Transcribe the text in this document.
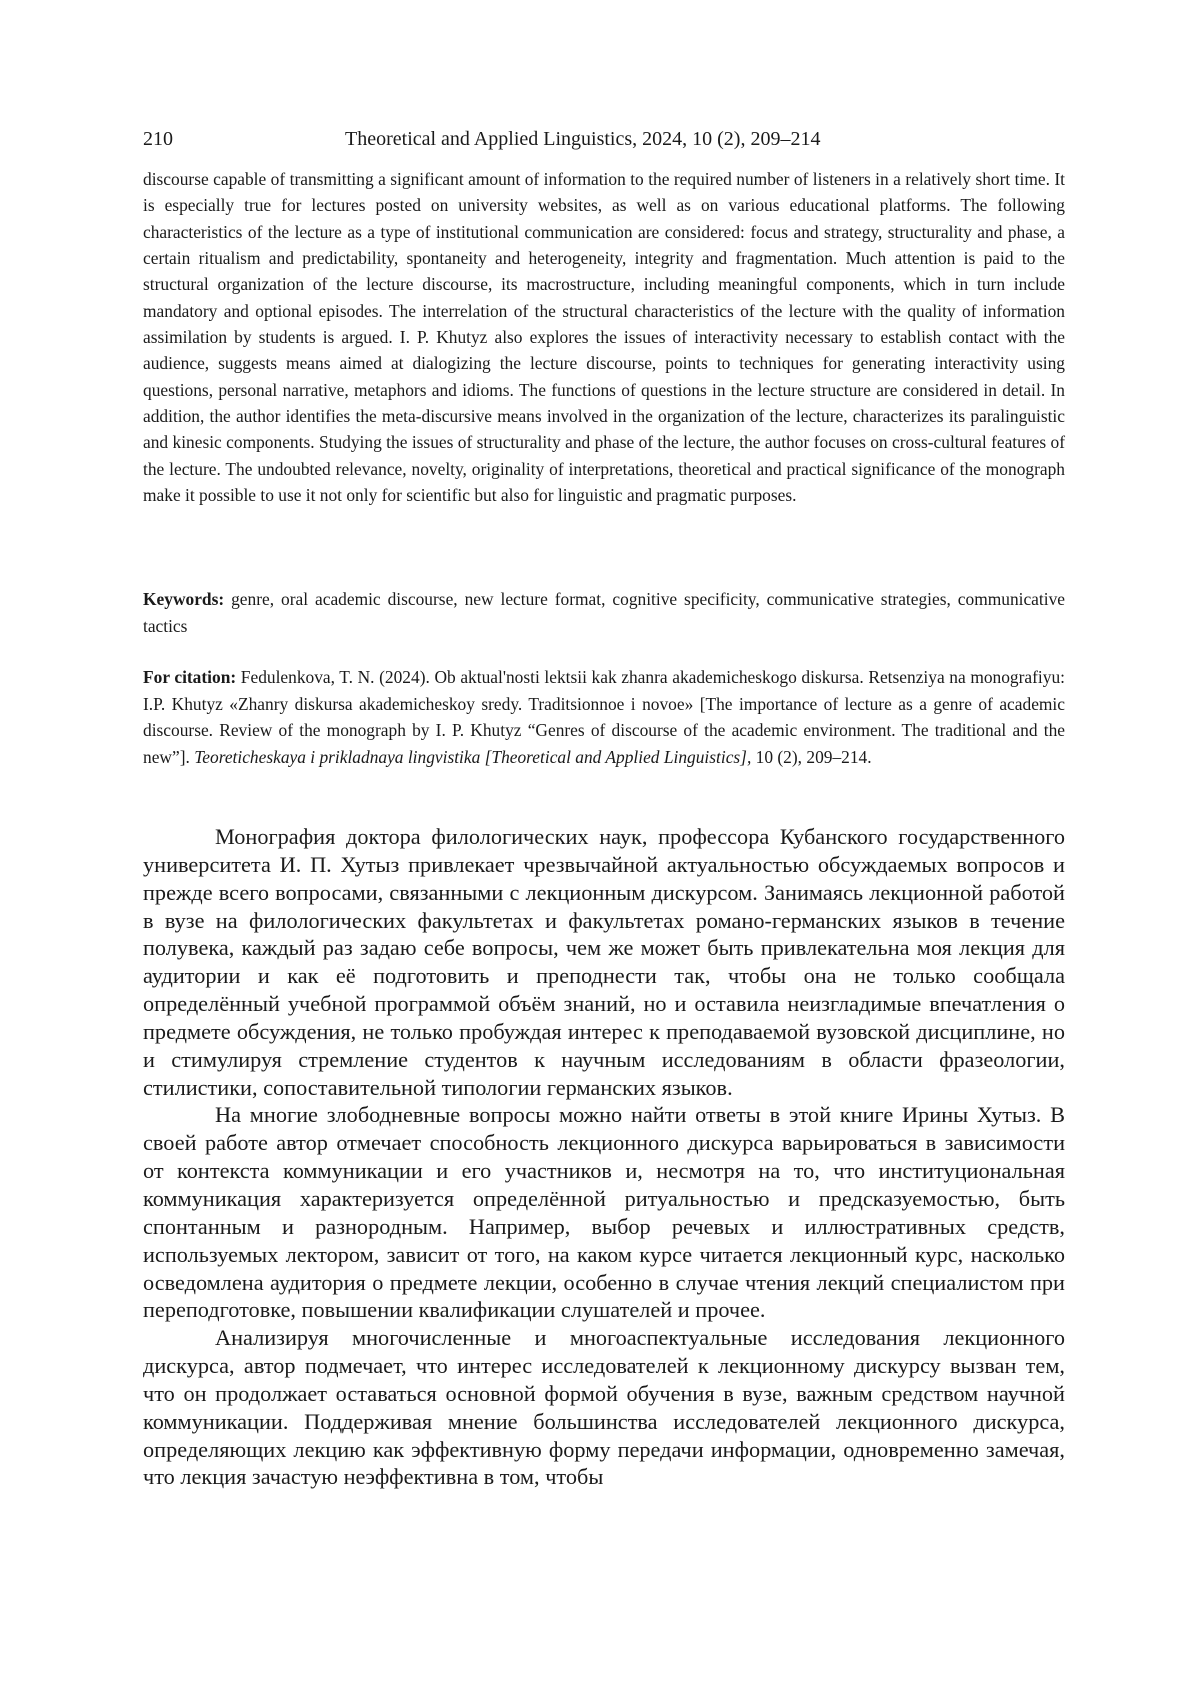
210	Theoretical and Applied Linguistics, 2024, 10 (2), 209–214

discourse capable of transmitting a significant amount of information to the required number of listeners in a relatively short time. It is especially true for lectures posted on university websites, as well as on various educational platforms. The following characteristics of the lecture as a type of institutional communication are considered: focus and strategy, structurality and phase, a certain ritualism and predictability, spontaneity and heterogeneity, integrity and fragmentation. Much attention is paid to the structural organization of the lecture discourse, its macrostructure, including meaningful components, which in turn include mandatory and optional episodes. The interrelation of the structural characteristics of the lecture with the quality of information assimilation by students is argued. I. P. Khutyz also explores the issues of interactivity necessary to establish contact with the audience, suggests means aimed at dialogizing the lecture discourse, points to techniques for generating interactivity using questions, personal narrative, metaphors and idioms. The functions of questions in the lecture structure are considered in detail. In addition, the author identifies the meta-discursive means involved in the organization of the lecture, characterizes its paralinguistic and kinesic components. Studying the issues of structurality and phase of the lecture, the author focuses on cross-cultural features of the lecture. The undoubted relevance, novelty, originality of interpretations, theoretical and practical significance of the monograph make it possible to use it not only for scientific but also for linguistic and pragmatic purposes.

Keywords: genre, oral academic discourse, new lecture format, cognitive specificity, communicative strategies, communicative tactics

For citation: Fedulenkova, T. N. (2024). Ob aktual'nosti lektsii kak zhanra akademicheskogo diskursa. Retsenziya na monografiyu: I.P. Khutyz «Zhanry diskursa akademicheskoy sredy. Traditsionnoe i novoe» [The importance of lecture as a genre of academic discourse. Review of the monograph by I. P. Khutyz “Genres of discourse of the academic environment. The traditional and the new”]. Teoreticheskaya i prikladnaya lingvistika [Theoretical and Applied Linguistics], 10 (2), 209–214.

Монография доктора филологических наук, профессора Кубанского государственного университета И. П. Хутыз привлекает чрезвычайной актуальностью обсуждаемых вопросов и прежде всего вопросами, связанными с лекционным дискурсом. Занимаясь лекционной работой в вузе на филологических факультетах и факультетах романо-германских языков в течение полувека, каждый раз задаю себе вопросы, чем же может быть привлекательна моя лекция для аудитории и как её подготовить и преподнести так, чтобы она не только сообщала определённый учебной программой объём знаний, но и оставила неизгладимые впечатления о предмете обсуждения, не только пробуждая интерес к преподаваемой вузовской дисциплине, но и стимулируя стремление студентов к научным исследованиям в области фразеологии, стилистики, сопоставительной типологии германских языков.

На многие злободневные вопросы можно найти ответы в этой книге Ирины Хутыз. В своей работе автор отмечает способность лекционного дискурса варьироваться в зависимости от контекста коммуникации и его участников и, несмотря на то, что институциональная коммуникация характеризуется определённой ритуальностью и предсказуемостью, быть спонтанным и разнородным. Например, выбор речевых и иллюстративных средств, используемых лектором, зависит от того, на каком курсе читается лекционный курс, насколько осведомлена аудитория о предмете лекции, особенно в случае чтения лекций специалистом при переподготовке, повышении квалификации слушателей и прочее.

Анализируя многочисленные и многоаспектуальные исследования лекционного дискурса, автор подмечает, что интерес исследователей к лекционному дискурсу вызван тем, что он продолжает оставаться основной формой обучения в вузе, важным средством научной коммуникации. Поддерживая мнение большинства исследователей лекционного дискурса, определяющих лекцию как эффективную форму передачи информации, одновременно замечая, что лекция зачастую неэффективна в том, чтобы
